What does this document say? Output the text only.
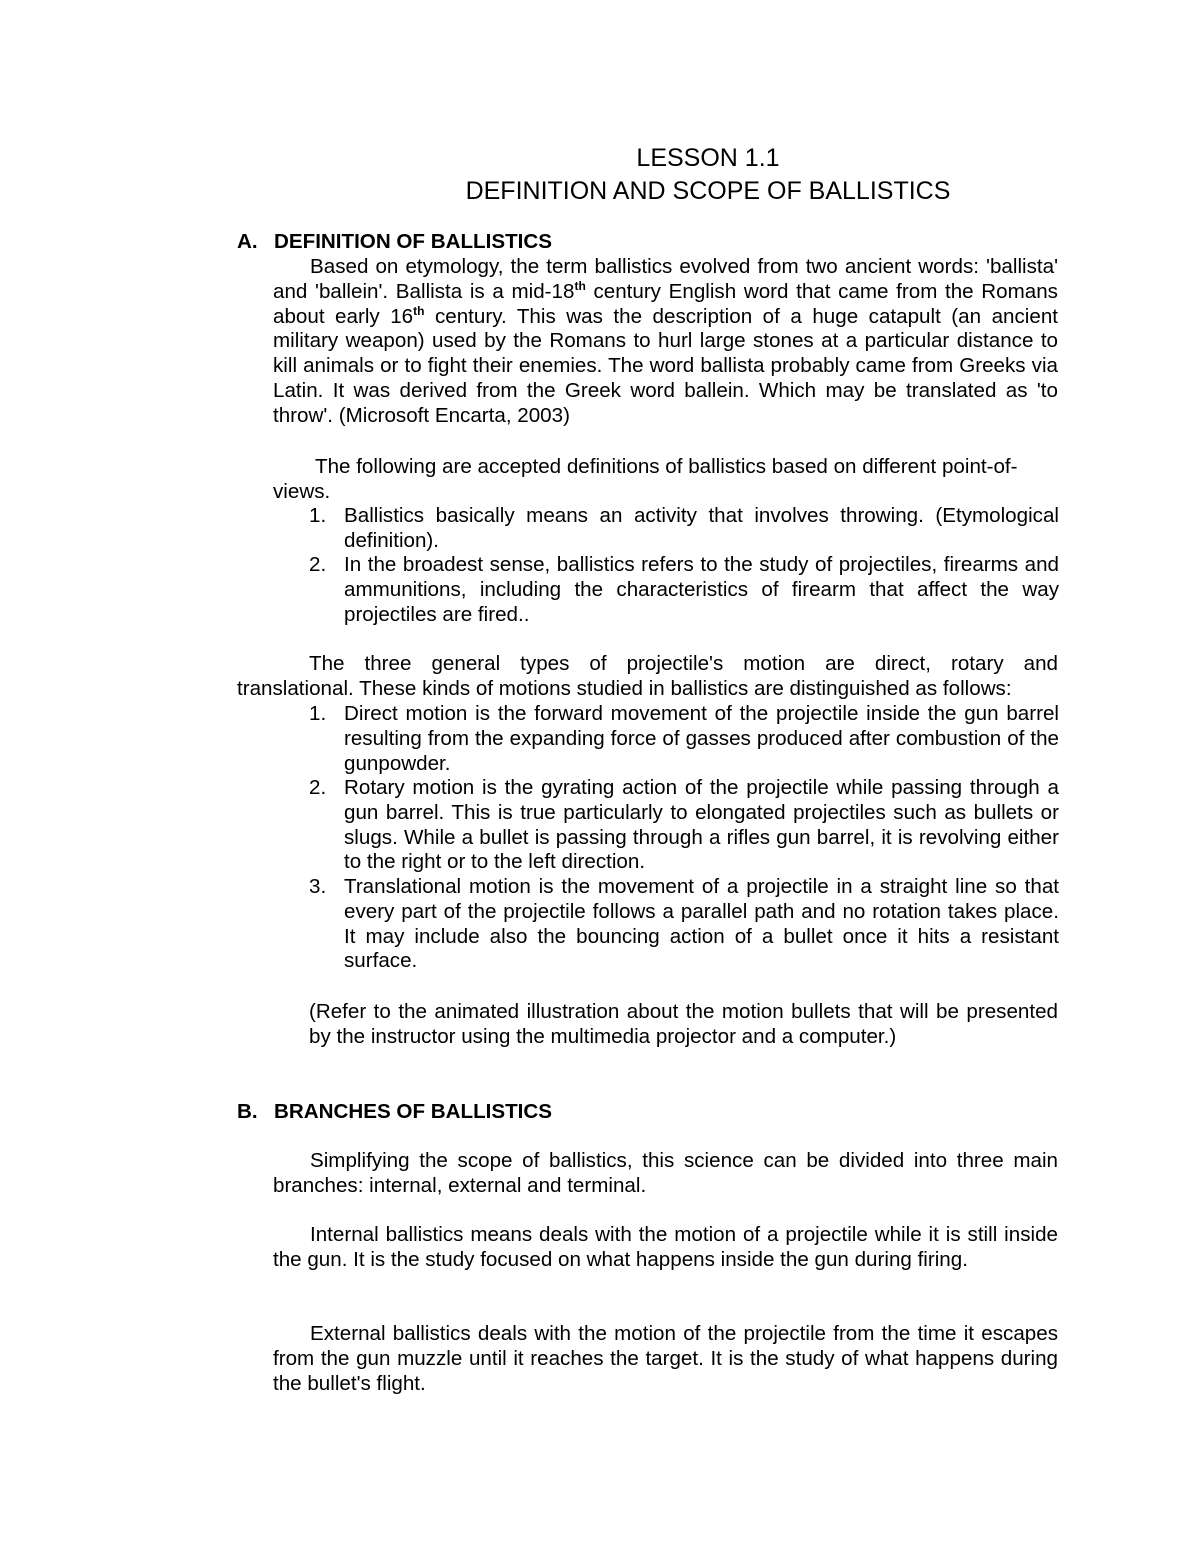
LESSON 1.1
DEFINITION AND SCOPE OF BALLISTICS
A. DEFINITION OF BALLISTICS
Based on etymology, the term ballistics evolved from two ancient words: 'ballista' and 'ballein'. Ballista is a mid-18th century English word that came from the Romans about early 16th century. This was the description of a huge catapult (an ancient military weapon) used by the Romans to hurl large stones at a particular distance to kill animals or to fight their enemies. The word ballista probably came from Greeks via Latin. It was derived from the Greek word ballein. Which may be translated as 'to throw'. (Microsoft Encarta, 2003)
The following are accepted definitions of ballistics based on different point-of-
views.
1. Ballistics basically means an activity that involves throwing. (Etymological definition).
2. In the broadest sense, ballistics refers to the study of projectiles, firearms and ammunitions, including the characteristics of firearm that affect the way projectiles are fired..
The three general types of projectile's motion are direct, rotary and
translational. These kinds of motions studied in ballistics are distinguished as follows:
1. Direct motion is the forward movement of the projectile inside the gun barrel resulting from the expanding force of gasses produced after combustion of the gunpowder.
2. Rotary motion is the gyrating action of the projectile while passing through a gun barrel. This is true particularly to elongated projectiles such as bullets or slugs. While a bullet is passing through a rifles gun barrel, it is revolving either to the right or to the left direction.
3. Translational motion is the movement of a projectile in a straight line so that every part of the projectile follows a parallel path and no rotation takes place. It may include also the bouncing action of a bullet once it hits a resistant surface.
(Refer to the animated illustration about the motion bullets that will be presented by the instructor using the multimedia projector and a computer.)
B. BRANCHES OF BALLISTICS
Simplifying the scope of ballistics, this science can be divided into three main branches: internal, external and terminal.
Internal ballistics means deals with the motion of a projectile while it is still inside the gun. It is the study focused on what happens inside the gun during firing.
External ballistics deals with the motion of the projectile from the time it escapes from the gun muzzle until it reaches the target. It is the study of what happens during the bullet's flight.
